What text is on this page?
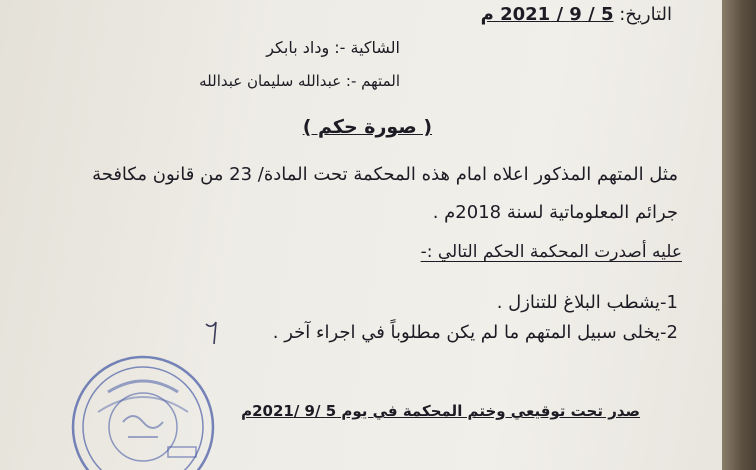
التاريخ: 5 / 9 / 2021 م
الشاكية -: وداد بابكر
المتهم -: عبدالله سليمان عبدالله
( صورة حكم )
مثل المتهم المذكور اعلاه امام هذه المحكمة تحت المادة/ 23 من قانون مكافحة
جرائم المعلوماتية لسنة 2018م .
عليه أصدرت المحكمة الحكم التالي :-
1-يشطب البلاغ للتنازل .
2-يخلى سبيل المتهم ما لم يكن مطلوباً في اجراء آخر .
صدر تحت توقيعي وختم المحكمة في يوم 5 /9 /2021م
